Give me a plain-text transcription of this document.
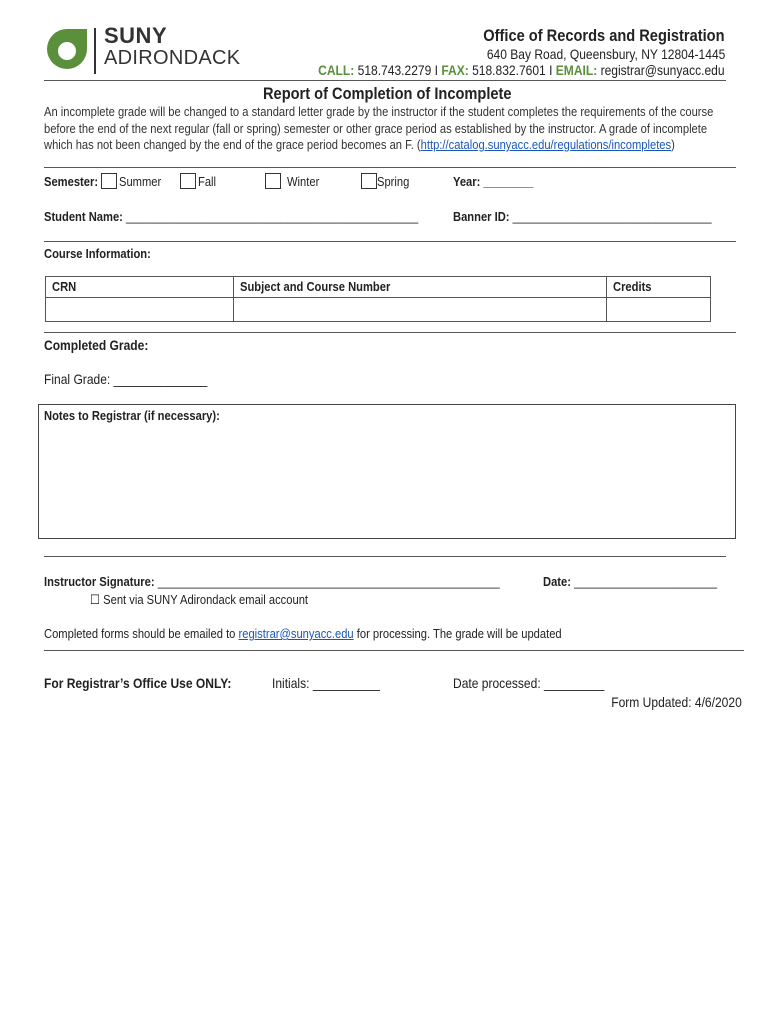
SUNY
ADIRONDACK
Office of Records and Registration
640 Bay Road, Queensbury, NY 12804-1445
CALL: 518.743.2279 I FAX: 518.832.7601 I EMAIL: registrar@sunyacc.edu
Report of Completion of Incomplete
An incomplete grade will be changed to a standard letter grade by the instructor if the student completes the requirements of the course
before the end of the next regular (fall or spring) semester or other grace period as established by the instructor. A grade of incomplete
which has not been changed by the end of the grace period becomes an F. (http://catalog.sunyacc.edu/regulations/incompletes)
Semester: Summer	Fall	Winter	Spring	Year: ________
Student Name: _______________________________________________	Banner ID: ________________________________
Course Information:
CRN	Subject and Course Number	Credits

Completed Grade:
Final Grade: ______________
Notes to Registrar (if necessary):
Instructor Signature: _______________________________________________________	Date: _______________________
☐ Sent via SUNY Adirondack email account
Completed forms should be emailed to registrar@sunyacc.edu for processing. The grade will be updated
For Registrar’s Office Use ONLY:	Initials: __________	Date processed: _________
Form Updated: 4/6/2020
